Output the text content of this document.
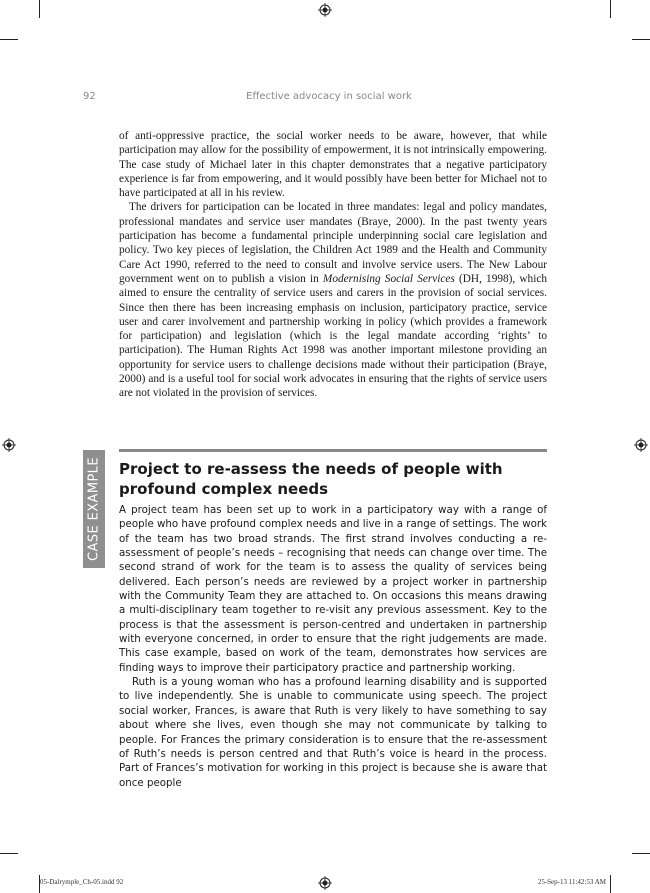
92	Effective advocacy in social work

of anti-oppressive practice, the social worker needs to be aware, however, that while participation may allow for the possibility of empowerment, it is not intrinsically empowering. The case study of Michael later in this chapter demonstrates that a negative participatory experience is far from empowering, and it would possibly have been better for Michael not to have participated at all in his review.

The drivers for participation can be located in three mandates: legal and policy mandates, professional mandates and service user mandates (Braye, 2000). In the past twenty years participation has become a fundamental principle underpinning social care legislation and policy. Two key pieces of legislation, the Children Act 1989 and the Health and Community Care Act 1990, referred to the need to consult and involve service users. The New Labour government went on to publish a vision in Modernising Social Services (DH, 1998), which aimed to ensure the centrality of service users and carers in the provision of social services. Since then there has been increasing emphasis on inclusion, participatory practice, service user and carer involvement and partnership working in policy (which provides a framework for participation) and legislation (which is the legal mandate according ‘rights’ to participation). The Human Rights Act 1998 was another important milestone providing an opportunity for service users to challenge decisions made without their participation (Braye, 2000) and is a useful tool for social work advocates in ensuring that the rights of service users are not violated in the provision of services.

CASE EXAMPLE Project to re-assess the needs of people with profound complex needs

A project team has been set up to work in a participatory way with a range of people who have profound complex needs and live in a range of settings. The work of the team has two broad strands. The first strand involves conducting a re-assessment of people’s needs – recognising that needs can change over time. The second strand of work for the team is to assess the quality of services being delivered. Each person’s needs are reviewed by a project worker in partnership with the Community Team they are attached to. On occasions this means drawing a multi-disciplinary team together to re-visit any previous assessment. Key to the process is that the assessment is person-centred and undertaken in partnership with everyone concerned, in order to ensure that the right judgements are made. This case example, based on work of the team, demonstrates how services are finding ways to improve their participatory practice and partnership working.

Ruth is a young woman who has a profound learning disability and is supported to live independently. She is unable to communicate using speech. The project social worker, Frances, is aware that Ruth is very likely to have something to say about where she lives, even though she may not communicate by talking to people. For Frances the primary consideration is to ensure that the re-assessment of Ruth’s needs is person centred and that Ruth’s voice is heard in the process. Part of Frances’s motivation for working in this project is because she is aware that once people

05-Dalrymple_Ch-05.indd 92	25-Sep-13 11:42:53 AM
